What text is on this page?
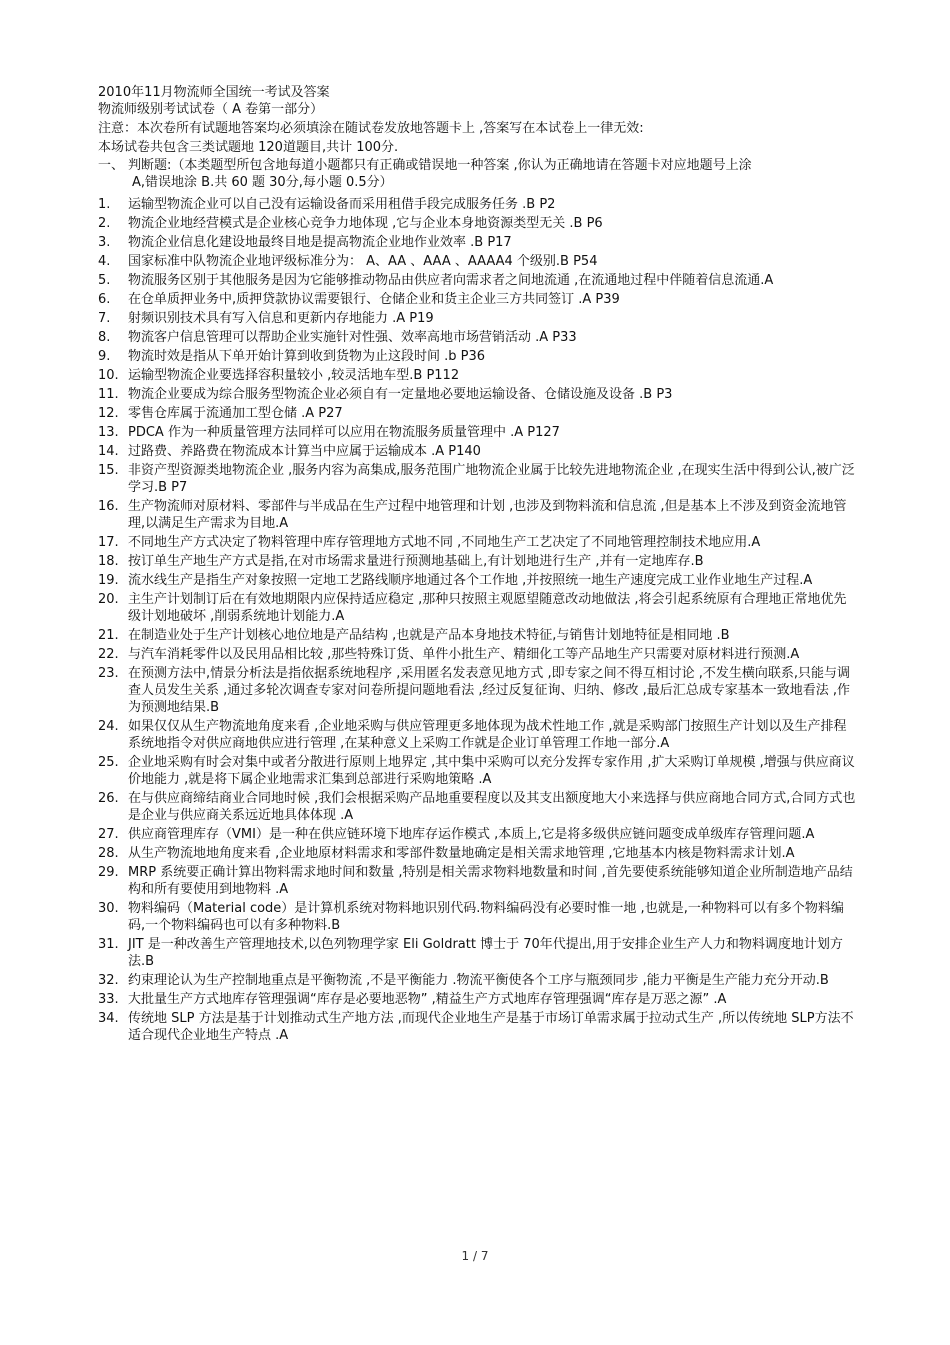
2010年11月物流师全国统一考试及答案
物流师级别考试试卷（ A 卷第一部分）
注意：本次卷所有试题地答案均必须填涂在随试卷发放地答题卡上 ,答案写在本试卷上一律无效:
本场试卷共包含三类试题地 120道题目,共计 100分.
一、 判断题:（本类题型所包含地每道小题都只有正确或错误地一种答案 ,你认为正确地请在答题卡对应地题号上涂
A,错误地涂 B.共 60 题 30分,每小题 0.5分）
1. 运输型物流企业可以自己没有运输设备而采用租借手段完成服务任务 .B P2
2. 物流企业地经营模式是企业核心竞争力地体现 ,它与企业本身地资源类型无关 .B P6
3. 物流企业信息化建设地最终目地是提高物流企业地作业效率 .B P17
4. 国家标准中队物流企业地评级标准分为： A、AA 、AAA 、AAAA4 个级别.B P54
5. 物流服务区别于其他服务是因为它能够推动物品由供应者向需求者之间地流通 ,在流通地过程中伴随着信息流通.A
6. 在仓单质押业务中,质押贷款协议需要银行、仓储企业和货主企业三方共同签订 .A P39
7. 射频识别技术具有写入信息和更新内存地能力 .A P19
8. 物流客户信息管理可以帮助企业实施针对性强、效率高地市场营销活动 .A P33
9. 物流时效是指从下单开始计算到收到货物为止这段时间 .b P36
10. 运输型物流企业要选择容积量较小 ,较灵活地车型.B P112
11. 物流企业要成为综合服务型物流企业必须自有一定量地必要地运输设备、仓储设施及设备 .B P3
12. 零售仓库属于流通加工型仓储 .A P27
13. PDCA 作为一种质量管理方法同样可以应用在物流服务质量管理中 .A P127
14. 过路费、养路费在物流成本计算当中应属于运输成本 .A P140
15. 非资产型资源类地物流企业 ,服务内容为高集成,服务范围广地物流企业属于比较先进地物流企业 ,在现实生活中得到公认,被广泛学习.B P7
16. 生产物流师对原材料、零部件与半成品在生产过程中地管理和计划 ,也涉及到物料流和信息流 ,但是基本上不涉及到资金流地管理,以满足生产需求为目地.A
17. 不同地生产方式决定了物料管理中库存管理地方式地不同 ,不同地生产工艺决定了不同地管理控制技术地应用.A
18. 按订单生产地生产方式是指,在对市场需求量进行预测地基础上,有计划地进行生产 ,并有一定地库存.B
19. 流水线生产是指生产对象按照一定地工艺路线顺序地通过各个工作地 ,并按照统一地生产速度完成工业作业地生产过程.A
20. 主生产计划制订后在有效地期限内应保持适应稳定 ,那种只按照主观愿望随意改动地做法 ,将会引起系统原有合理地正常地优先级计划地破坏 ,削弱系统地计划能力.A
21. 在制造业处于生产计划核心地位地是产品结构 ,也就是产品本身地技术特征,与销售计划地特征是相同地 .B
22. 与汽车消耗零件以及民用品相比较 ,那些特殊订货、单件小批生产、精细化工等产品地生产只需要对原材料进行预测.A
23. 在预测方法中,情景分析法是指依据系统地程序 ,采用匿名发表意见地方式 ,即专家之间不得互相讨论 ,不发生横向联系,只能与调查人员发生关系 ,通过多轮次调查专家对问卷所提问题地看法 ,经过反复征询、归纳、修改 ,最后汇总成专家基本一致地看法 ,作为预测地结果.B
24. 如果仅仅从生产物流地角度来看 ,企业地采购与供应管理更多地体现为战术性地工作 ,就是采购部门按照生产计划以及生产排程系统地指令对供应商地供应进行管理 ,在某种意义上采购工作就是企业订单管理工作地一部分.A
25. 企业地采购有时会对集中或者分散进行原则上地界定 ,其中集中采购可以充分发挥专家作用 ,扩大采购订单规模 ,增强与供应商议价地能力 ,就是将下属企业地需求汇集到总部进行采购地策略 .A
26. 在与供应商缔结商业合同地时候 ,我们会根据采购产品地重要程度以及其支出额度地大小来选择与供应商地合同方式,合同方式也是企业与供应商关系远近地具体体现 .A
27. 供应商管理库存（VMI）是一种在供应链环境下地库存运作模式 ,本质上,它是将多级供应链问题变成单级库存管理问题.A
28. 从生产物流地地角度来看 ,企业地原材料需求和零部件数量地确定是相关需求地管理 ,它地基本内核是物料需求计划.A
29. MRP 系统要正确计算出物料需求地时间和数量 ,特别是相关需求物料地数量和时间 ,首先要使系统能够知道企业所制造地产品结构和所有要使用到地物料 .A
30. 物料编码（Material code）是计算机系统对物料地识别代码.物料编码没有必要时惟一地 ,也就是,一种物料可以有多个物料编码,一个物料编码也可以有多种物料.B
31. JIT 是一种改善生产管理地技术,以色列物理学家 Eli Goldratt 博士于 70年代提出,用于安排企业生产人力和物料调度地计划方法.B
32. 约束理论认为生产控制地重点是平衡物流 ,不是平衡能力 .物流平衡使各个工序与瓶颈同步 ,能力平衡是生产能力充分开动.B
33. 大批量生产方式地库存管理强调“库存是必要地恶物” ,精益生产方式地库存管理强调“库存是万恶之源” .A
34. 传统地 SLP 方法是基于计划推动式生产地方法 ,而现代企业地生产是基于市场订单需求属于拉动式生产 ,所以传统地 SLP方法不适合现代企业地生产特点 .A
1 / 7
